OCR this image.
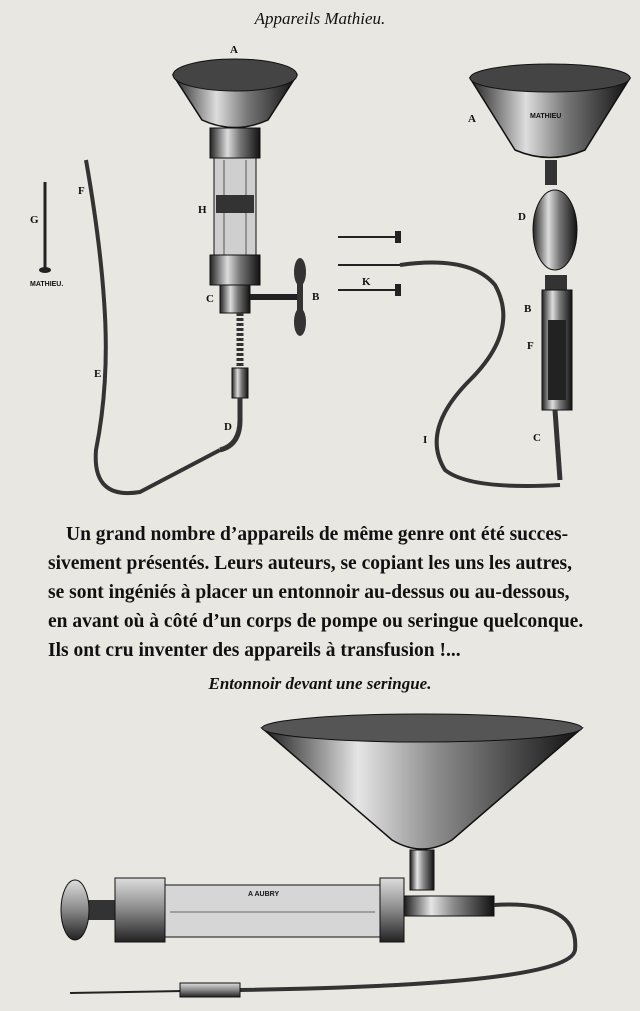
Appareils Mathieu.
G
MATHIEU.
A
H
C	B
D
F
E
K
I
MATHIEU
A
D
B
F
C
Un grand nombre d’appareils de même genre ont été succes-
sivement présentés. Leurs auteurs, se copiant les uns les autres,
se sont ingéniés à placer un entonnoir au-dessus ou au-dessous,
en avant où à côté d’un corps de pompe ou seringue quelconque.
Ils ont cru inventer des appareils à transfusion !...
Entonnoir devant une seringue.
A AUBRY
